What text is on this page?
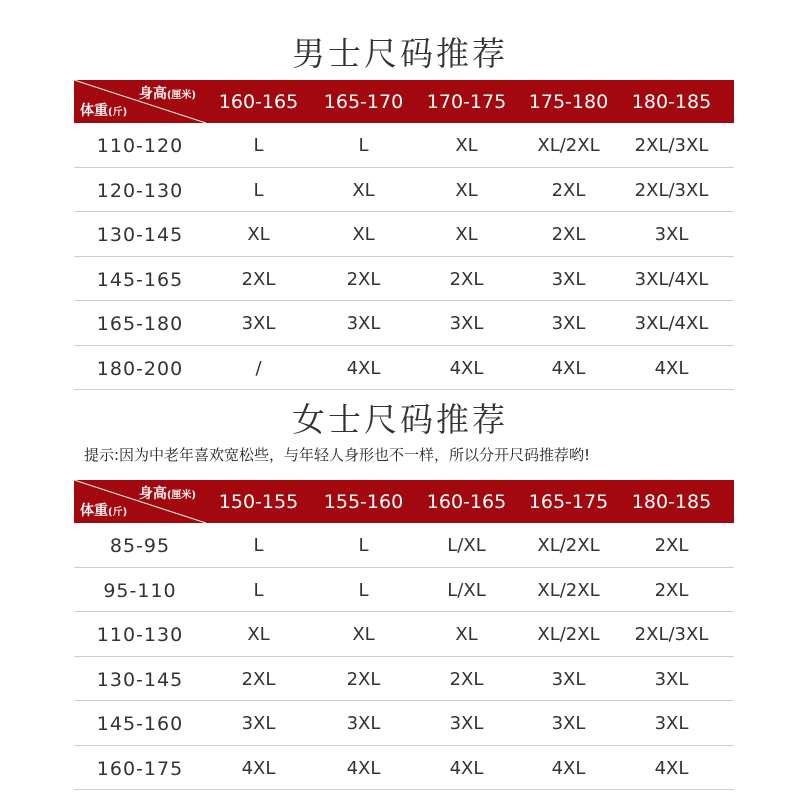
男士尺码推荐
身高(厘米)
体重(斤)	160-165	165-170	170-175	175-180	180-185
110-120	L	L	XL	XL/2XL	2XL/3XL
120-130	L	XL	XL	2XL	2XL/3XL
130-145	XL	XL	XL	2XL	3XL
145-165	2XL	2XL	2XL	3XL	3XL/4XL
165-180	3XL	3XL	3XL	3XL	3XL/4XL
180-200	/	4XL	4XL	4XL	4XL
女士尺码推荐
提示:因为中老年喜欢宽松些，与年轻人身形也不一样，所以分开尺码推荐哟!
身高(厘米)
体重(斤)	150-155	155-160	160-165	165-175	180-185
85-95	L	L	L/XL	XL/2XL	2XL
95-110	L	L	L/XL	XL/2XL	2XL
110-130	XL	XL	XL	XL/2XL	2XL/3XL
130-145	2XL	2XL	2XL	3XL	3XL
145-160	3XL	3XL	3XL	3XL	3XL
160-175	4XL	4XL	4XL	4XL	4XL
